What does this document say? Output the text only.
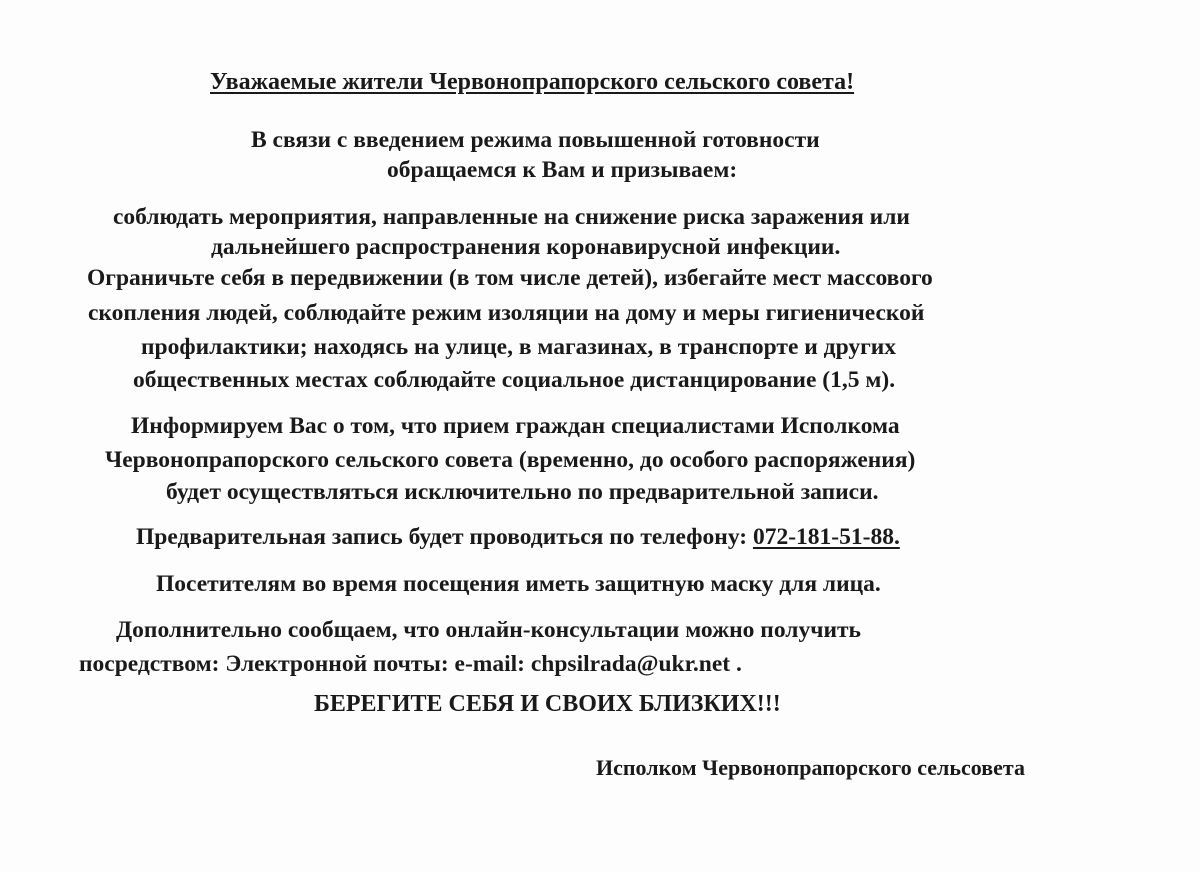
Уважаемые жители Червонопрапорского сельского совета!
В связи с введением режима повышенной готовности
обращаемся к Вам и призываем:
соблюдать мероприятия, направленные на снижение риска заражения или
дальнейшего распространения коронавирусной инфекции.
Ограничьте себя в передвижении (в том числе детей), избегайте мест массового
скопления людей, соблюдайте режим изоляции на дому и меры гигиенической
профилактики; находясь на улице, в магазинах, в транспорте и других
общественных местах соблюдайте социальное дистанцирование (1,5 м).
Информируем Вас о том, что прием граждан специалистами Исполкома
Червонопрапорского сельского совета (временно, до особого распоряжения)
будет осуществляться исключительно по предварительной записи.
Предварительная запись будет проводиться по телефону: 072-181-51-88.
Посетителям во время посещения иметь защитную маску для лица.
Дополнительно сообщаем, что онлайн-консультации можно получить
посредством: Электронной почты: e-mail: chpsilrada@ukr.net .
БЕРЕГИТЕ СЕБЯ И СВОИХ БЛИЗКИХ!!!
Исполком Червонопрапорского сельсовета
